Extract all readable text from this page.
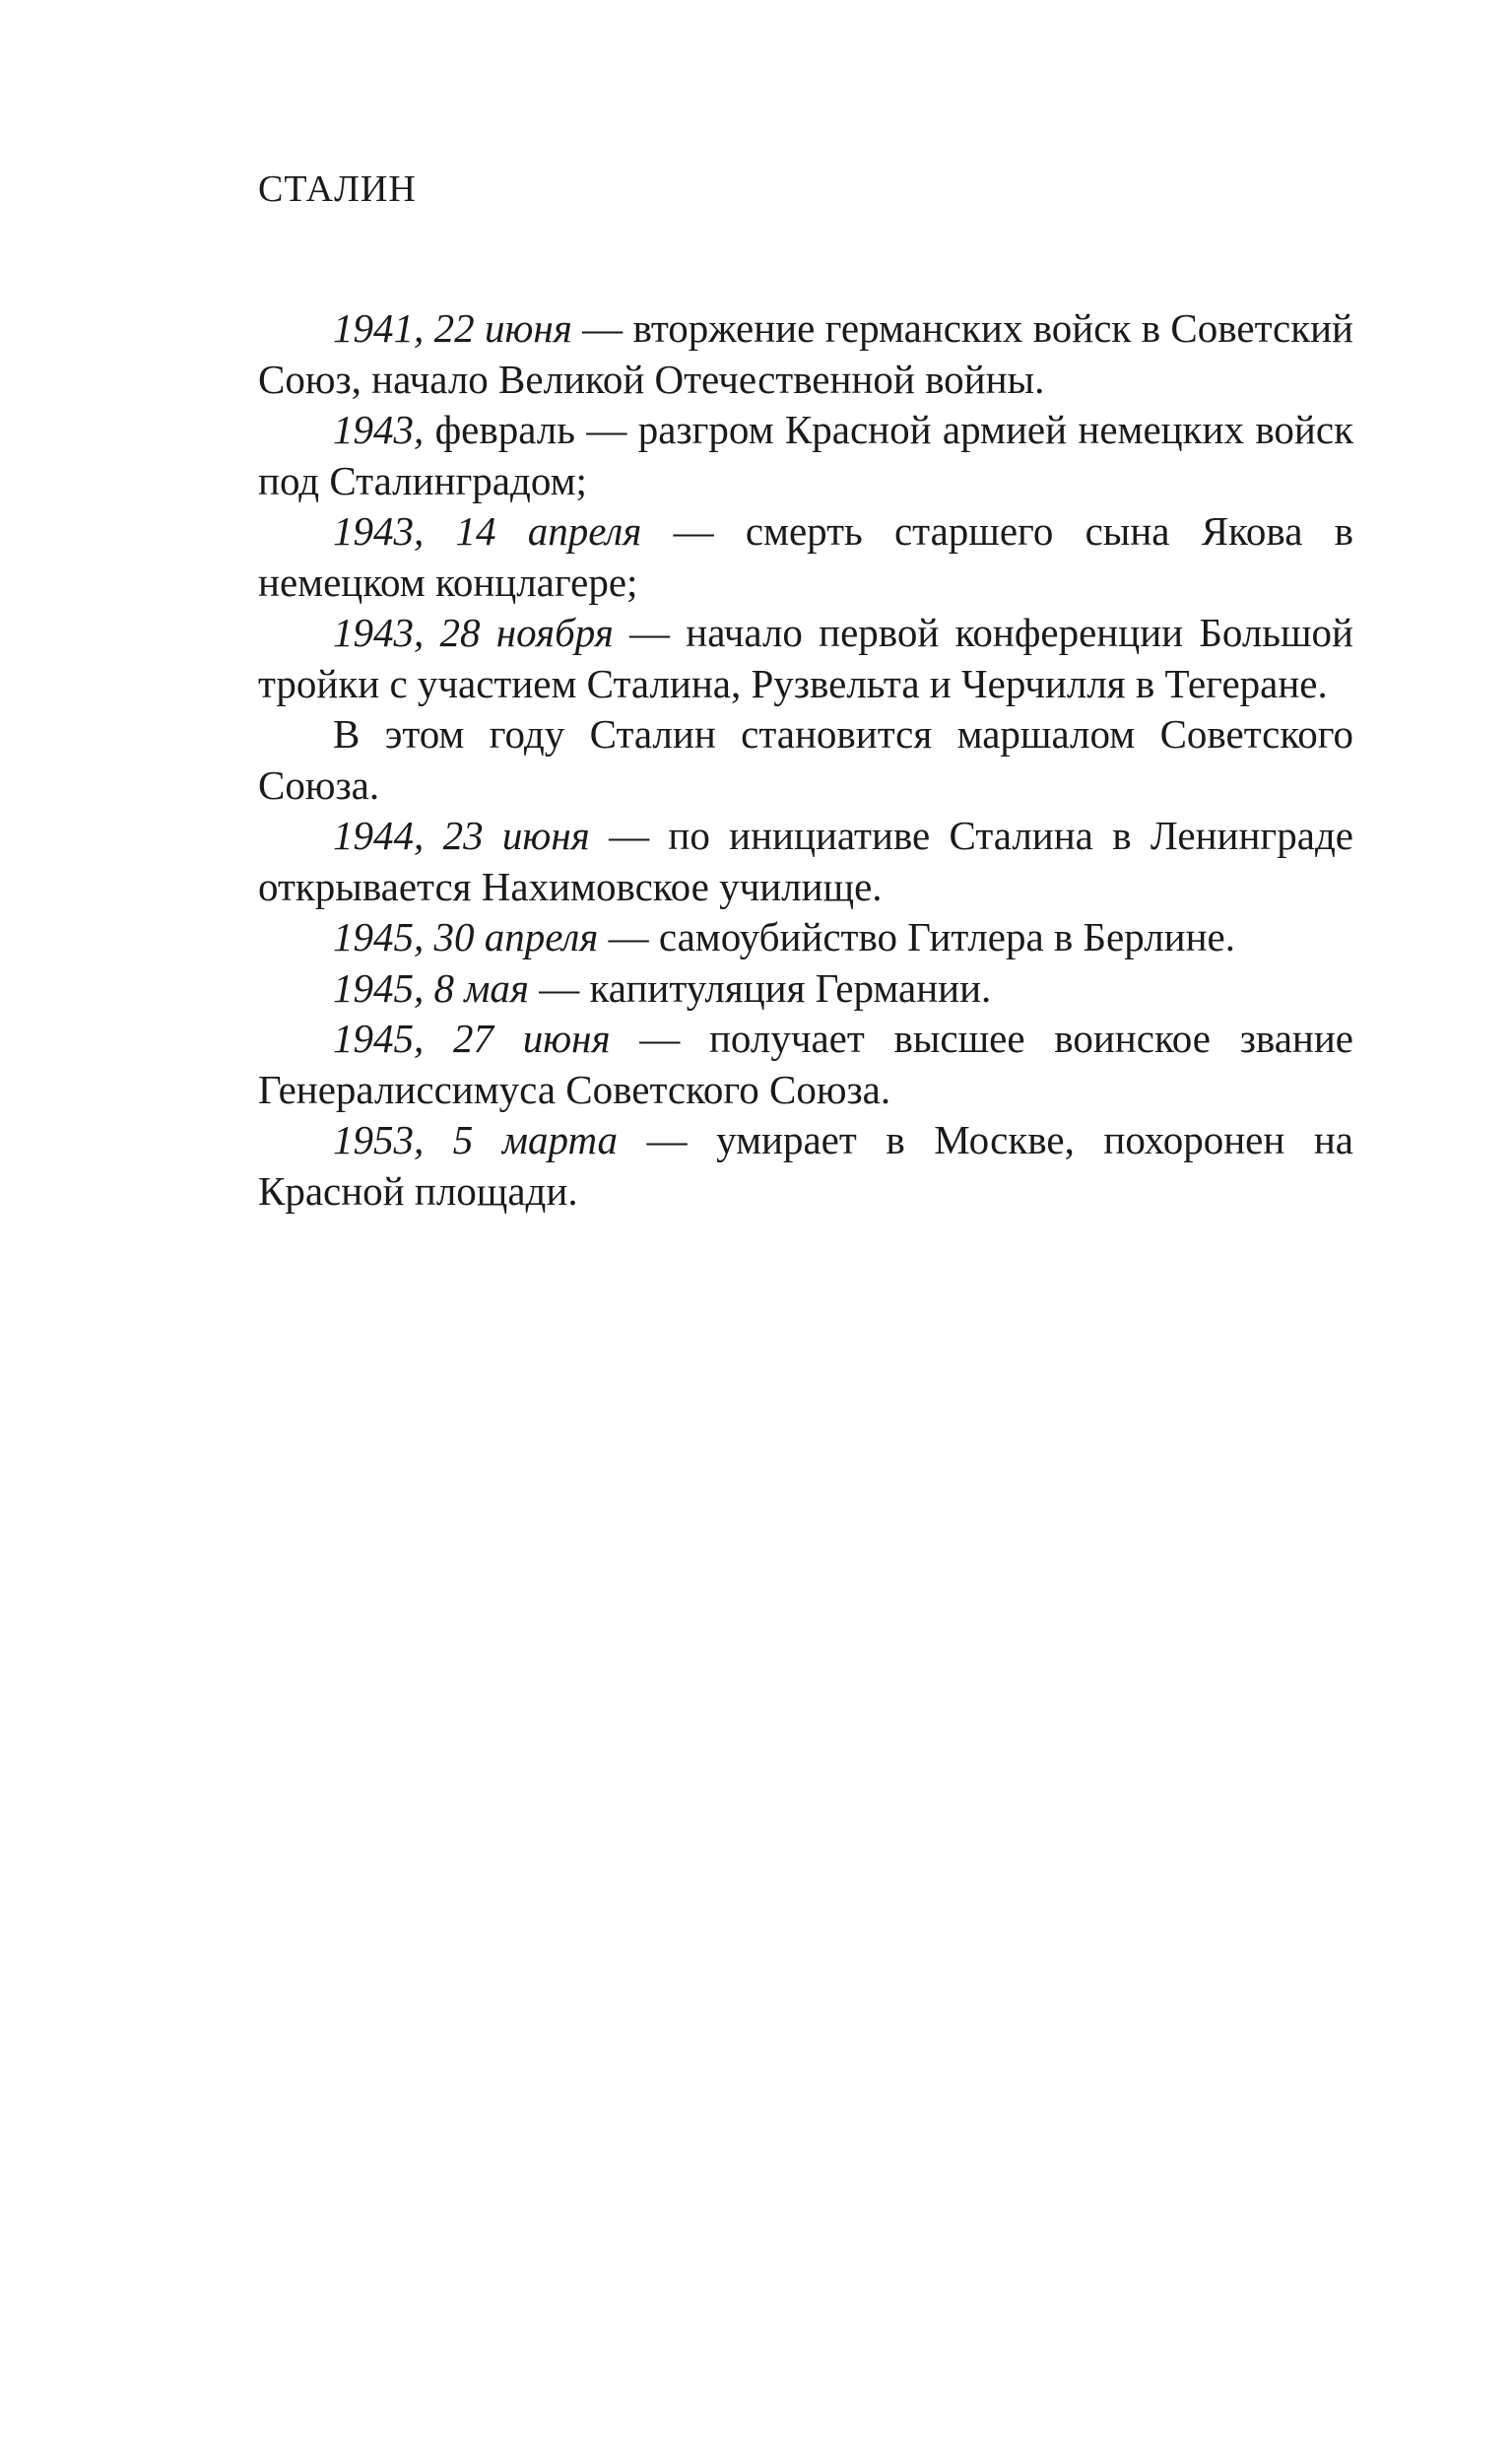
СТАЛИН

1941, 22 июня — вторжение германских войск в Советский Союз, начало Великой Отечественной войны.

1943, февраль — разгром Красной армией немецких войск под Сталинградом;

1943, 14 апреля — смерть старшего сына Якова в немецком концлагере;

1943, 28 ноября — начало первой конференции Большой тройки с участием Сталина, Рузвельта и Черчилля в Тегеране.

В этом году Сталин становится маршалом Советского Союза.

1944, 23 июня — по инициативе Сталина в Ленинграде открывается Нахимовское училище.

1945, 30 апреля — самоубийство Гитлера в Берлине.

1945, 8 мая — капитуляция Германии.

1945, 27 июня — получает высшее воинское звание Генералиссимуса Советского Союза.

1953, 5 марта — умирает в Москве, похоронен на Красной площади.
